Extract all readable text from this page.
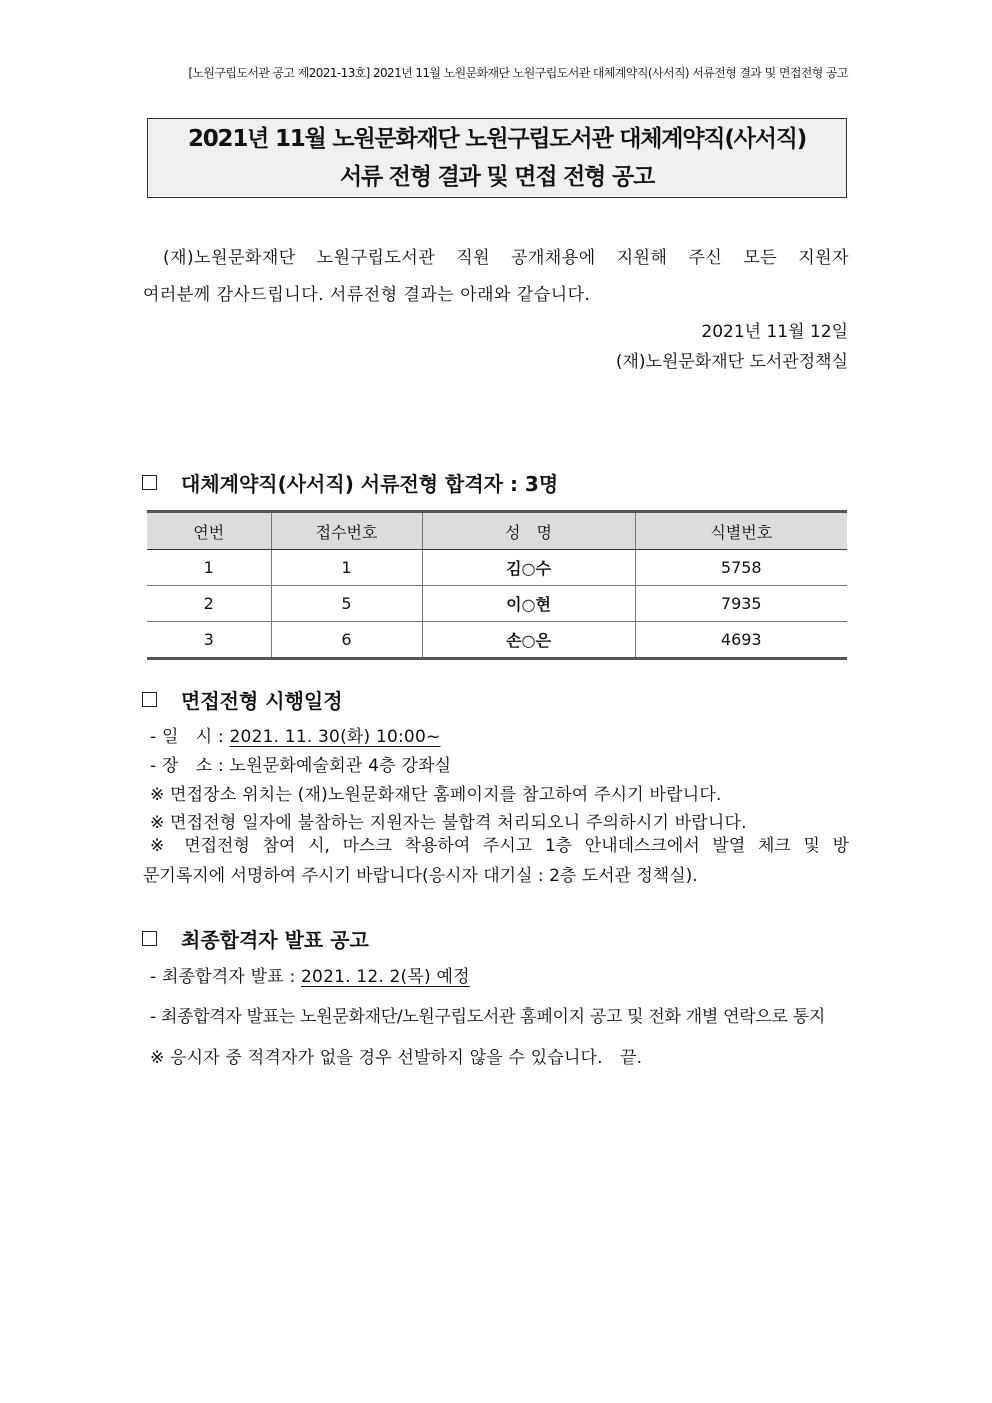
[노원구립도서관 공고 제2021-13호] 2021년 11월 노원문화재단 노원구립도서관 대체계약직(사서직) 서류전형 결과 및 면접전형 공고
2021년 11월 노원문화재단 노원구립도서관 대체계약직(사서직)
서류 전형 결과 및 면접 전형 공고
(재)노원문화재단 노원구립도서관 직원 공개채용에 지원해 주신 모든 지원자
여러분께 감사드립니다. 서류전형 결과는 아래와 같습니다.
2021년 11월 12일
(재)노원문화재단 도서관정책실
대체계약직(사서직) 서류전형 합격자 : 3명
연번	접수번호	성　명	식별번호
1	1	김○수	5758
2	5	이○현	7935
3	6	손○은	4693
면접전형 시행일정
- 일　시 : 2021. 11. 30(화) 10:00~
- 장　소 : 노원문화예술회관 4층 강좌실
※ 면접장소 위치는 (재)노원문화재단 홈페이지를 참고하여 주시기 바랍니다.
※ 면접전형 일자에 불참하는 지원자는 불합격 처리되오니 주의하시기 바랍니다.
※ 면접전형 참여 시, 마스크 착용하여 주시고 1층 안내데스크에서 발열 체크 및 방
문기록지에 서명하여 주시기 바랍니다(응시자 대기실 : 2층 도서관 정책실).
최종합격자 발표 공고
- 최종합격자 발표 : 2021. 12. 2(목) 예정
- 최종합격자 발표는 노원문화재단/노원구립도서관 홈페이지 공고 및 전화 개별 연락으로 통지
※ 응시자 중 적격자가 없을 경우 선발하지 않을 수 있습니다.　끝.
